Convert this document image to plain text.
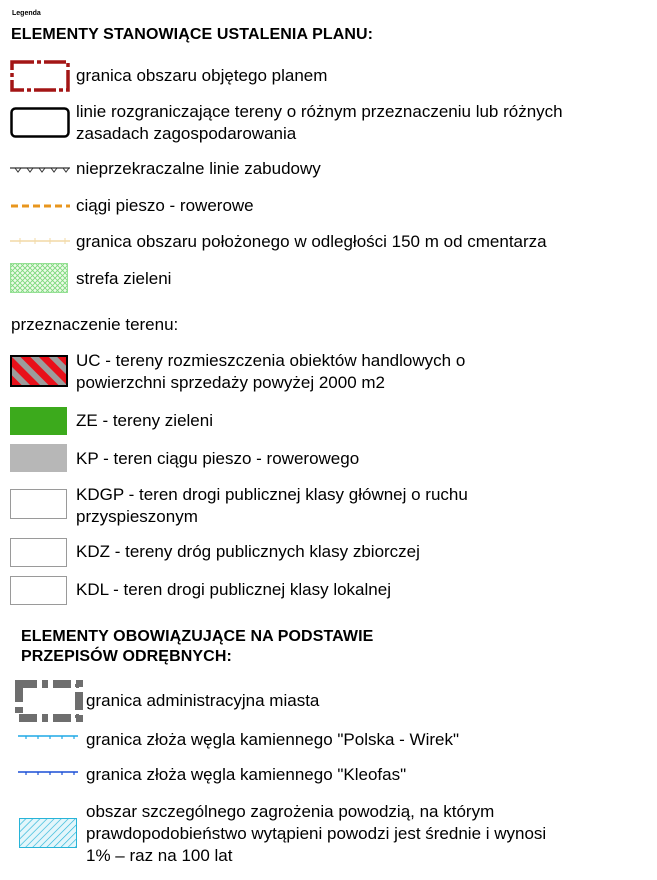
Legenda
ELEMENTY STANOWIĄCE USTALENIA PLANU:
granica obszaru objętego planem
linie rozgraniczające tereny o różnym przeznaczeniu lub różnych
zasadach zagospodarowania
nieprzekraczalne linie zabudowy
ciągi pieszo - rowerowe
granica obszaru położonego w odległości 150 m od cmentarza
strefa zieleni
przeznaczenie terenu:
UC - tereny rozmieszczenia obiektów handlowych o
powierzchni sprzedaży powyżej 2000 m2
ZE - tereny zieleni
KP - teren ciągu pieszo - rowerowego
KDGP - teren drogi publicznej klasy głównej o ruchu
przyspieszonym
KDZ - tereny dróg publicznych klasy zbiorczej
KDL - teren drogi publicznej klasy lokalnej
ELEMENTY OBOWIĄZUJĄCE NA PODSTAWIE
PRZEPISÓW ODRĘBNYCH:
granica administracyjna miasta
granica złoża węgla kamiennego "Polska - Wirek"
granica złoża węgla kamiennego "Kleofas"
obszar szczególnego zagrożenia powodzią, na którym
prawdopodobieństwo wytąpieni powodzi jest średnie i wynosi
1% – raz na 100 lat
